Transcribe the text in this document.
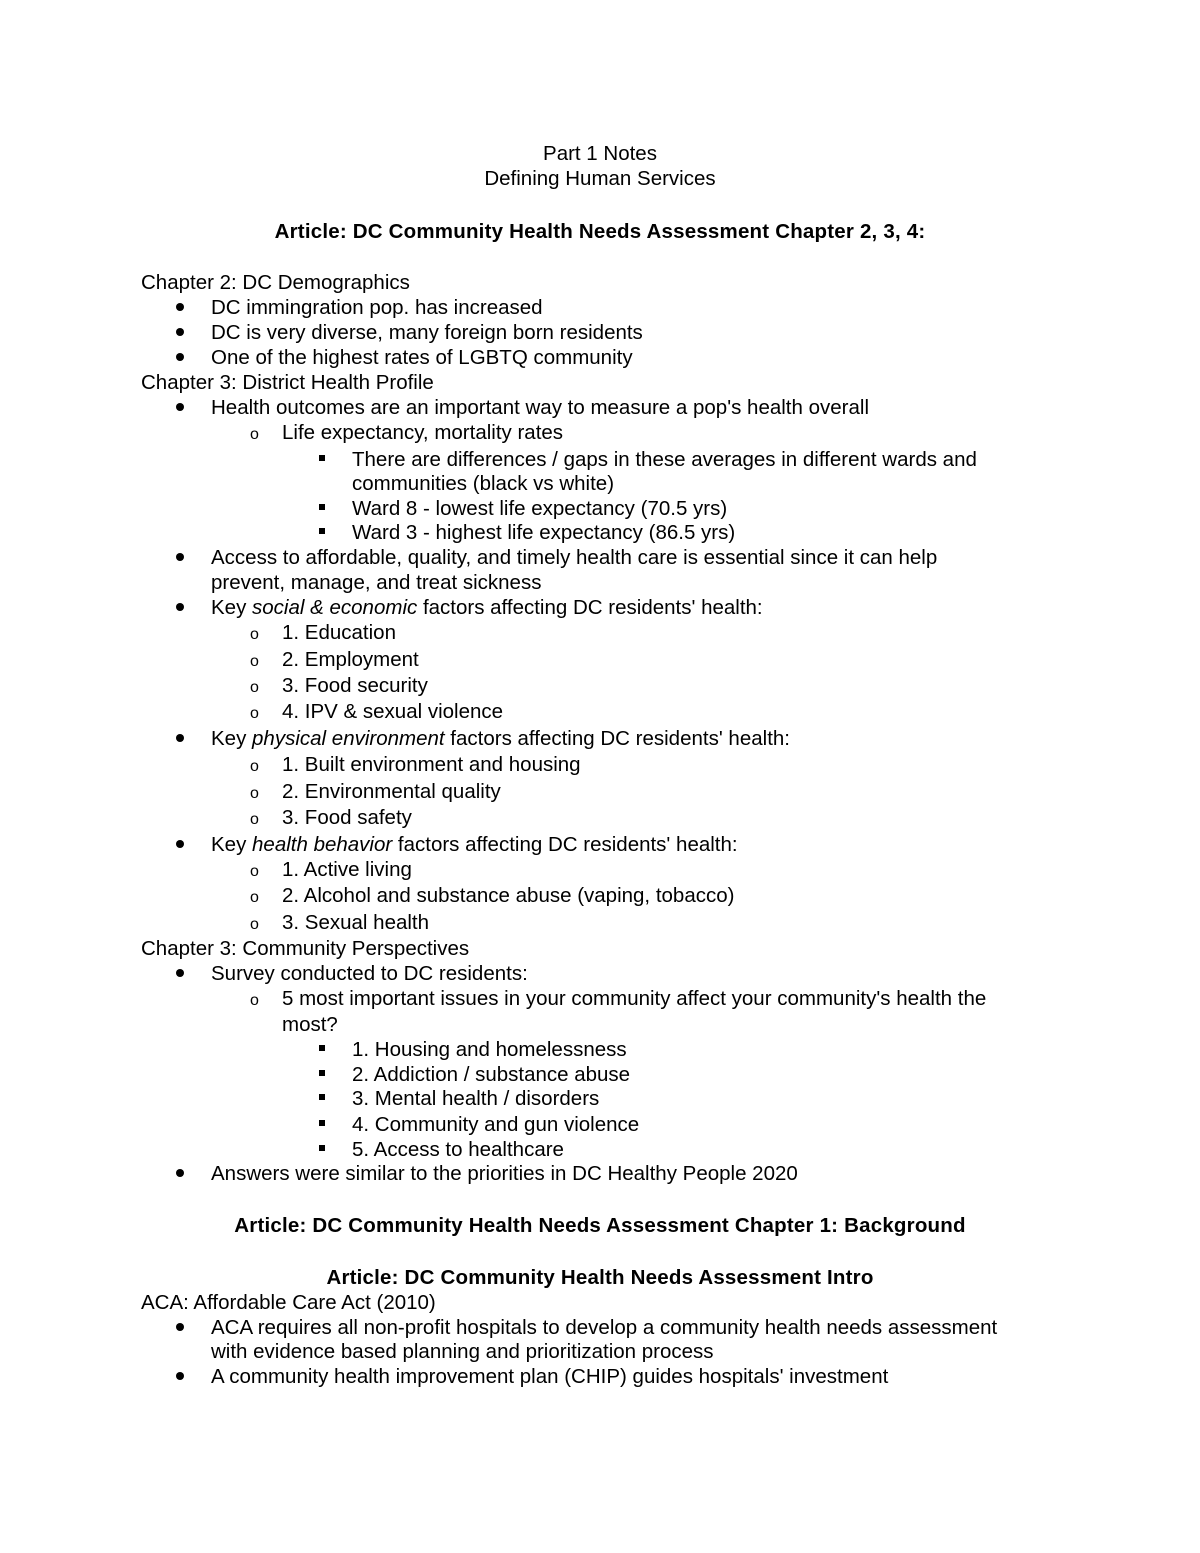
Part 1 Notes
Defining Human Services
Article: DC Community Health Needs Assessment Chapter 2, 3, 4:
Chapter 2: DC Demographics
DC immingration pop. has increased
DC is very diverse, many foreign born residents
One of the highest rates of LGBTQ community
Chapter 3: District Health Profile
Health outcomes are an important way to measure a pop's health overall
o Life expectancy, mortality rates
There are differences / gaps in these averages in different wards and
communities (black vs white)
Ward 8 - lowest life expectancy (70.5 yrs)
Ward 3 - highest life expectancy (86.5 yrs)
Access to affordable, quality, and timely health care is essential since it can help
prevent, manage, and treat sickness
Key social & economic factors affecting DC residents' health:
o 1. Education
o 2. Employment
o 3. Food security
o 4. IPV & sexual violence
Key physical environment factors affecting DC residents' health:
o 1. Built environment and housing
o 2. Environmental quality
o 3. Food safety
Key health behavior factors affecting DC residents' health:
o 1. Active living
o 2. Alcohol and substance abuse (vaping, tobacco)
o 3. Sexual health
Chapter 3: Community Perspectives
Survey conducted to DC residents:
o 5 most important issues in your community affect your community's health the
most?
1. Housing and homelessness
2. Addiction / substance abuse
3. Mental health / disorders
4. Community and gun violence
5. Access to healthcare
Answers were similar to the priorities in DC Healthy People 2020
Article: DC Community Health Needs Assessment Chapter 1: Background
Article: DC Community Health Needs Assessment Intro
ACA: Affordable Care Act (2010)
ACA requires all non-profit hospitals to develop a community health needs assessment
with evidence based planning and prioritization process
A community health improvement plan (CHIP) guides hospitals' investment
